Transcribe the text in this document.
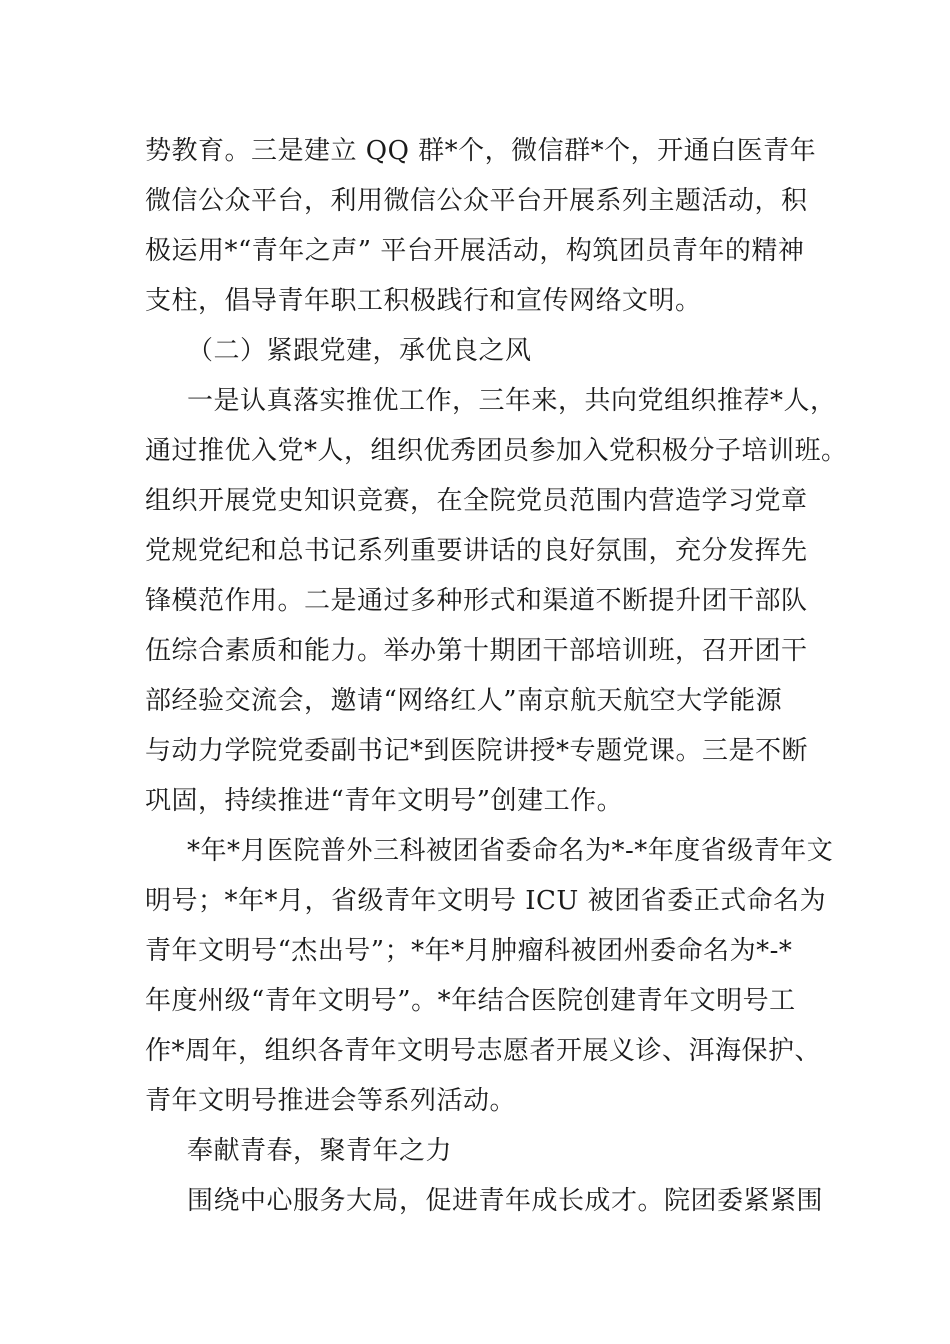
势教育。三是建立 QQ 群*个，微信群*个，开通白医青年
微信公众平台，利用微信公众平台开展系列主题活动，积
极运用*“青年之声” 平台开展活动，构筑团员青年的精神
支柱，倡导青年职工积极践行和宣传网络文明。
（二）紧跟党建，承优良之风
一是认真落实推优工作，三年来，共向党组织推荐*人，
通过推优入党*人，组织优秀团员参加入党积极分子培训班。
组织开展党史知识竞赛，在全院党员范围内营造学习党章
党规党纪和总书记系列重要讲话的良好氛围，充分发挥先
锋模范作用。二是通过多种形式和渠道不断提升团干部队
伍综合素质和能力。举办第十期团干部培训班，召开团干
部经验交流会，邀请“网络红人”南京航天航空大学能源
与动力学院党委副书记*到医院讲授*专题党课。三是不断
巩固，持续推进“青年文明号”创建工作。
*年*月医院普外三科被团省委命名为*-*年度省级青年文
明号；*年*月，省级青年文明号 ICU 被团省委正式命名为
青年文明号“杰出号”；*年*月肿瘤科被团州委命名为*-*
年度州级“青年文明号”。*年结合医院创建青年文明号工
作*周年，组织各青年文明号志愿者开展义诊、洱海保护、
青年文明号推进会等系列活动。
奉献青春，聚青年之力
围绕中心服务大局，促进青年成长成才。院团委紧紧围
